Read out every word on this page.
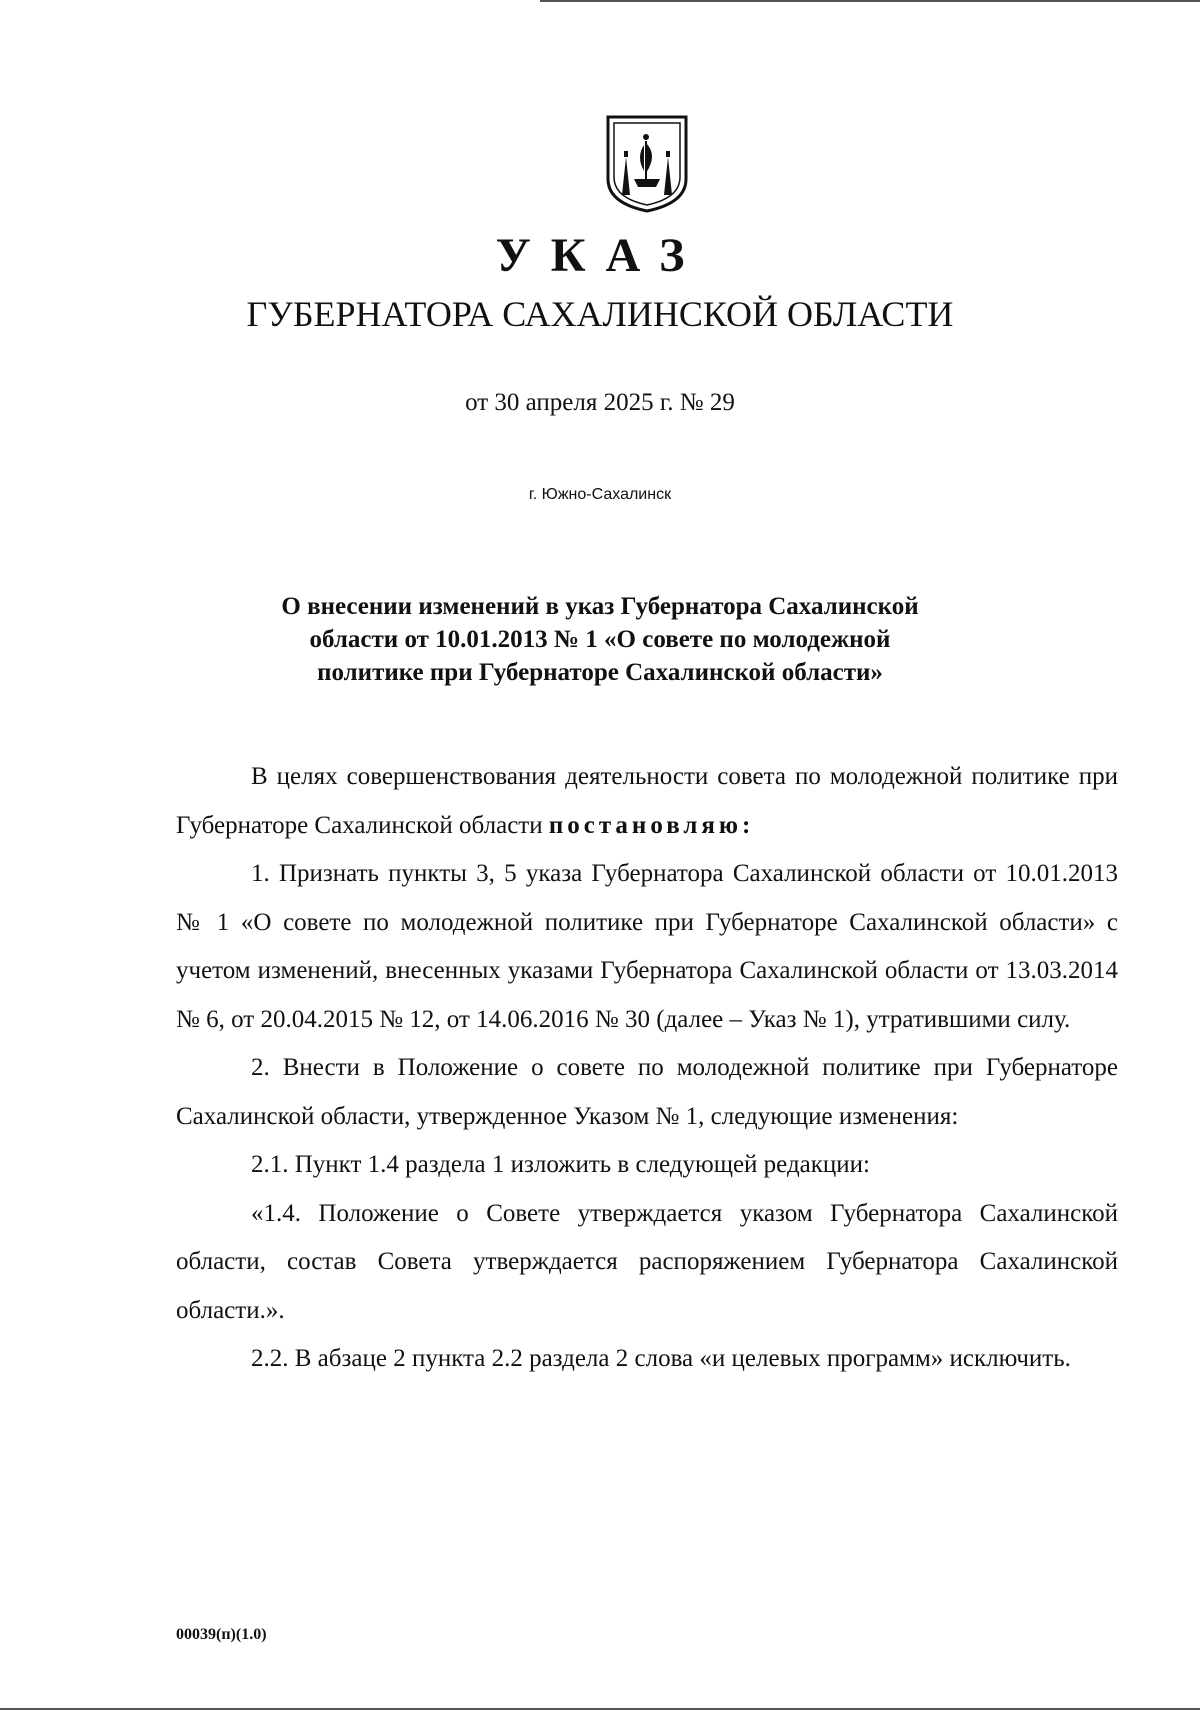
УКАЗ
ГУБЕРНАТОРА САХАЛИНСКОЙ ОБЛАСТИ
от 30 апреля 2025 г. № 29
г. Южно-Сахалинск
О внесении изменений в указ Губернатора Сахалинской
области от 10.01.2013 № 1 «О совете по молодежной
политике при Губернаторе Сахалинской области»

В целях совершенствования деятельности совета по молодежной политике при Губернаторе Сахалинской области постановляю:

1. Признать пункты 3, 5 указа Губернатора Сахалинской области от 10.01.2013 № 1 «О совете по молодежной политике при Губернаторе Сахалинской области» с учетом изменений, внесенных указами Губернатора Сахалинской области от 13.03.2014 № 6, от 20.04.2015 № 12, от 14.06.2016 № 30 (далее – Указ № 1), утратившими силу.

2. Внести в Положение о совете по молодежной политике при Губернаторе Сахалинской области, утвержденное Указом № 1, следующие изменения:

2.1. Пункт 1.4 раздела 1 изложить в следующей редакции:

«1.4. Положение о Совете утверждается указом Губернатора Сахалинской области, состав Совета утверждается распоряжением Губернатора Сахалинской области.».

2.2. В абзаце 2 пункта 2.2 раздела 2 слова «и целевых программ» исключить.

00039(п)(1.0)
